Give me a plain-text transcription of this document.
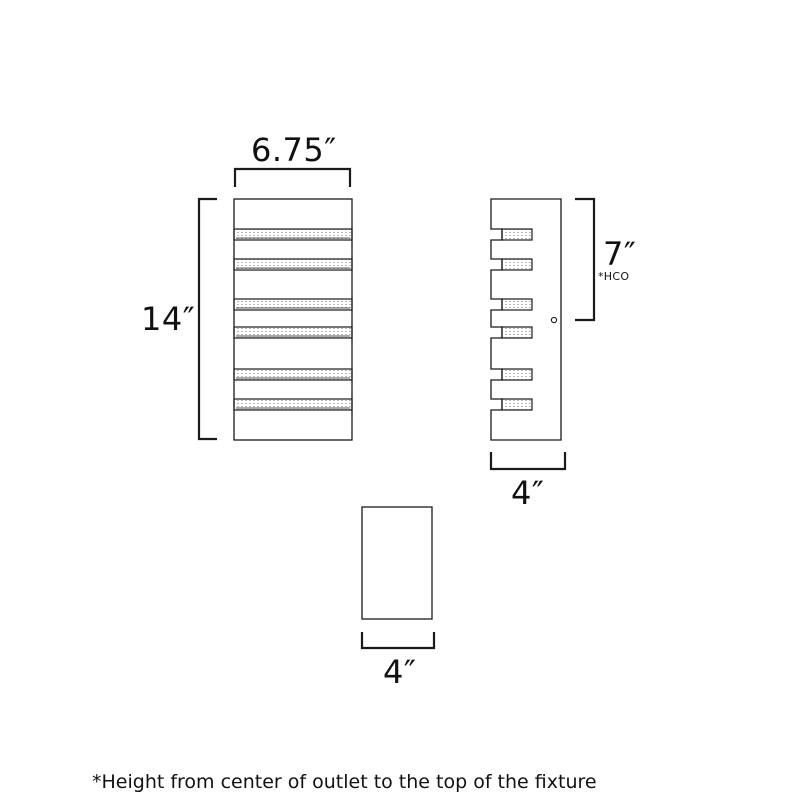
6.75″
14″
7″
*HCO
4″
4″
*Height from center of outlet to the top of the fixture
